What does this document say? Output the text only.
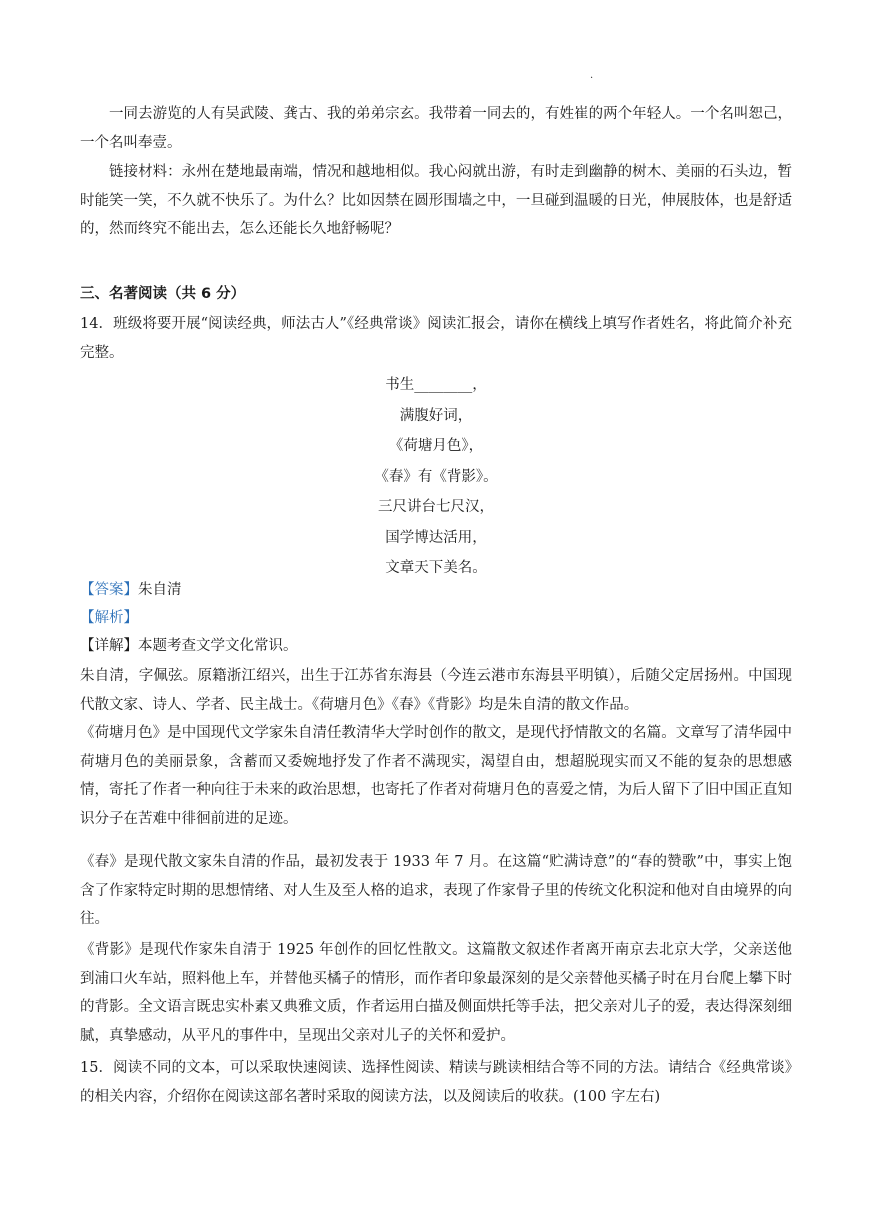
.

一同去游览的人有吴武陵、龚古、我的弟弟宗玄。我带着一同去的，有姓崔的两个年轻人。一个名叫恕己，一个名叫奉壹。

链接材料：永州在楚地最南端，情况和越地相似。我心闷就出游，有时走到幽静的树木、美丽的石头边，暂时能笑一笑，不久就不快乐了。为什么？比如因禁在圆形围墙之中，一旦碰到温暖的日光，伸展肢体，也是舒适的，然而终究不能出去，怎么还能长久地舒畅呢？

三、名著阅读（共 6 分）

14．班级将要开展“阅读经典，师法古人”《经典常谈》阅读汇报会，请你在横线上填写作者姓名，将此简介补充完整。

书生________，
满腹好词，
《荷塘月色》，
《春》有《背影》。
三尺讲台七尺汉，
国学博达活用，
文章天下美名。
【答案】朱自清
【解析】
【详解】本题考查文学文化常识。

朱自清，字佩弦。原籍浙江绍兴，出生于江苏省东海县（今连云港市东海县平明镇），后随父定居扬州。中国现代散文家、诗人、学者、民主战士。《荷塘月色》《春》《背影》均是朱自清的散文作品。

《荷塘月色》是中国现代文学家朱自清任教清华大学时创作的散文，是现代抒情散文的名篇。文章写了清华园中荷塘月色的美丽景象，含蓄而又委婉地抒发了作者不满现实，渴望自由，想超脱现实而又不能的复杂的思想感情，寄托了作者一种向往于未来的政治思想，也寄托了作者对荷塘月色的喜爱之情，为后人留下了旧中国正直知识分子在苦难中徘徊前进的足迹。

《春》是现代散文家朱自清的作品，最初发表于 1933 年 7 月。在这篇“贮满诗意”的“春的赞歌”中，事实上饱含了作家特定时期的思想情绪、对人生及至人格的追求，表现了作家骨子里的传统文化积淀和他对自由境界的向往。

《背影》是现代作家朱自清于 1925 年创作的回忆性散文。这篇散文叙述作者离开南京去北京大学，父亲送他到浦口火车站，照料他上车，并替他买橘子的情形，而作者印象最深刻的是父亲替他买橘子时在月台爬上攀下时的背影。全文语言既忠实朴素又典雅文质，作者运用白描及侧面烘托等手法，把父亲对儿子的爱，表达得深刻细腻，真挚感动，从平凡的事件中，呈现出父亲对儿子的关怀和爱护。

15．阅读不同的文本，可以采取快速阅读、选择性阅读、精读与跳读相结合等不同的方法。请结合《经典常谈》的相关内容，介绍你在阅读这部名著时采取的阅读方法，以及阅读后的收获。(100 字左右)
